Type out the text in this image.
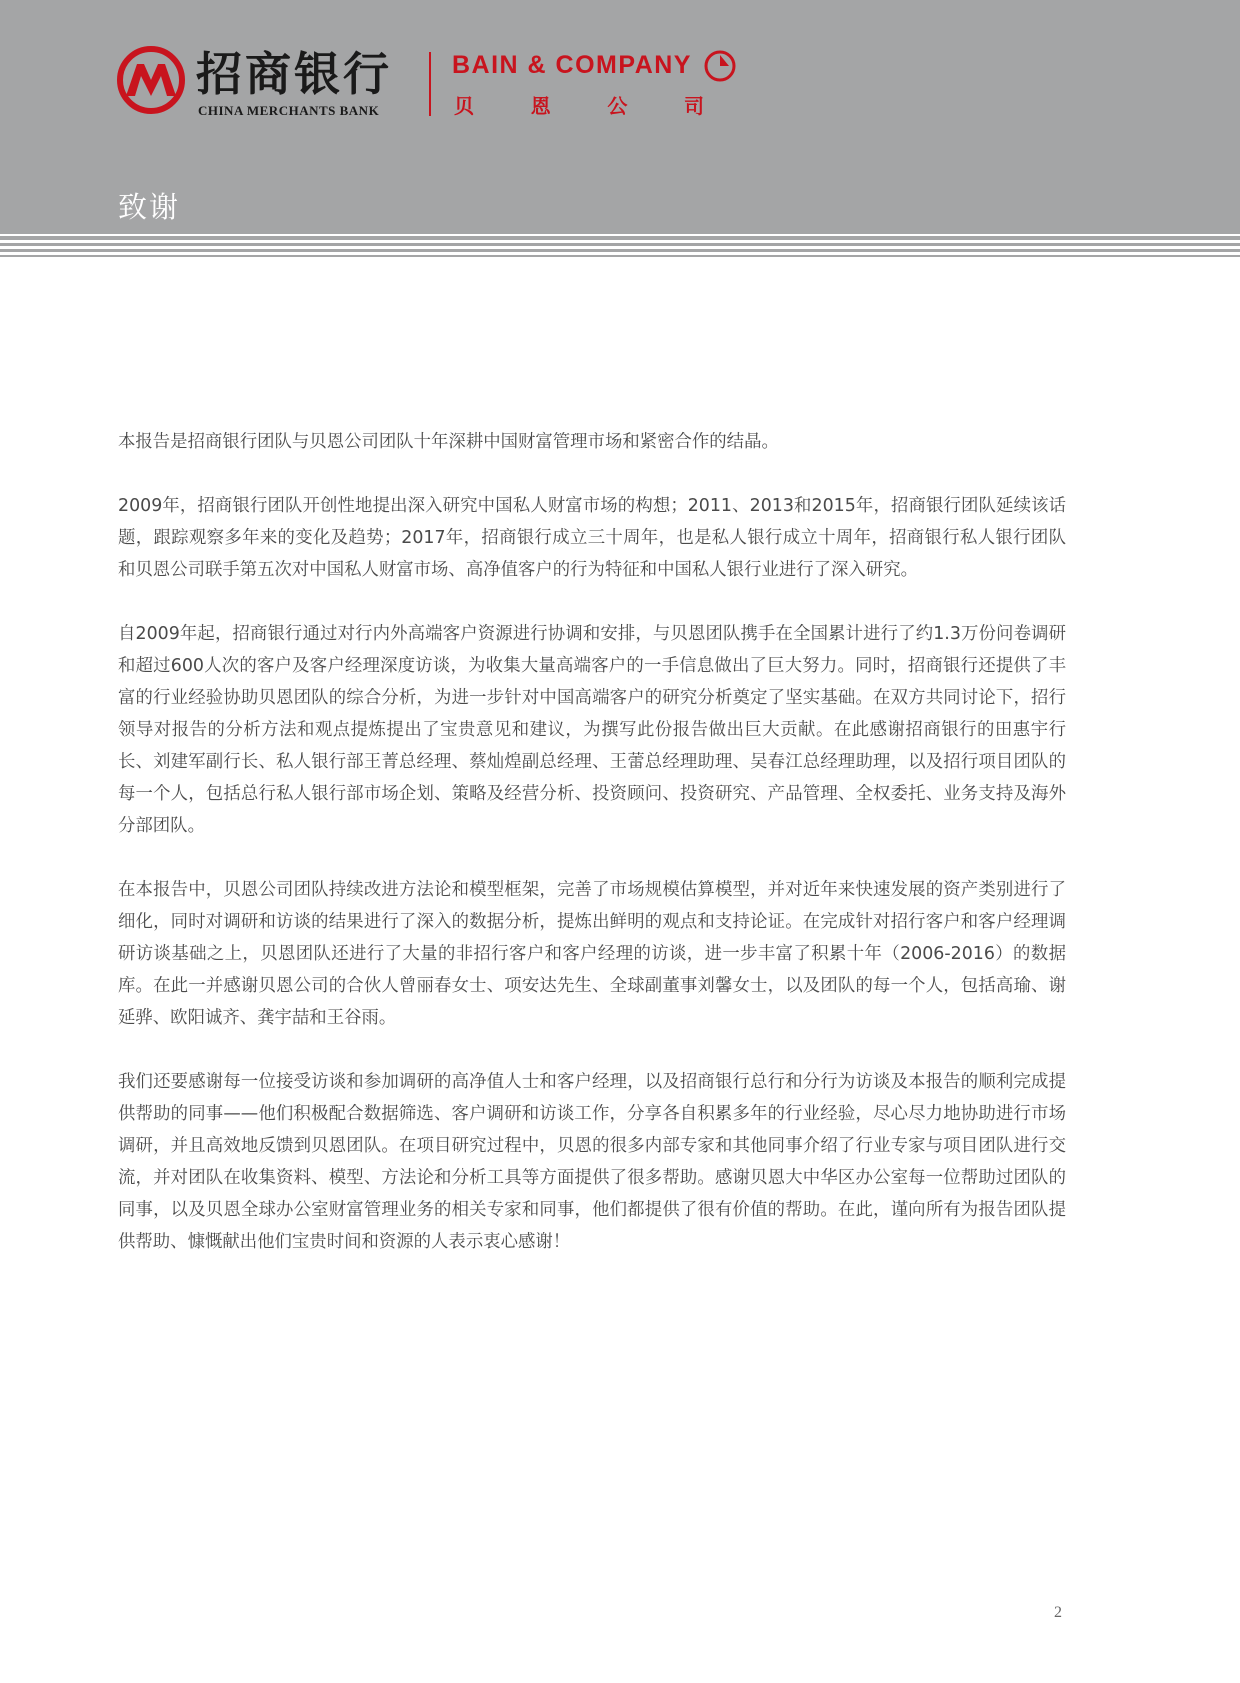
招商银行
CHINA MERCHANTS BANK
BAIN & COMPANY
贝	恩	公	司
致谢

本报告是招商银行团队与贝恩公司团队十年深耕中国财富管理市场和紧密合作的结晶。

2009年，招商银行团队开创性地提出深入研究中国私人财富市场的构想；2011、2013和2015年，招商银行团队延续该话题，跟踪观察多年来的变化及趋势；2017年，招商银行成立三十周年，也是私人银行成立十周年，招商银行私人银行团队和贝恩公司联手第五次对中国私人财富市场、高净值客户的行为特征和中国私人银行业进行了深入研究。

自2009年起，招商银行通过对行内外高端客户资源进行协调和安排，与贝恩团队携手在全国累计进行了约1.3万份问卷调研和超过600人次的客户及客户经理深度访谈，为收集大量高端客户的一手信息做出了巨大努力。同时，招商银行还提供了丰富的行业经验协助贝恩团队的综合分析，为进一步针对中国高端客户的研究分析奠定了坚实基础。在双方共同讨论下，招行领导对报告的分析方法和观点提炼提出了宝贵意见和建议，为撰写此份报告做出巨大贡献。在此感谢招商银行的田惠宇行长、刘建军副行长、私人银行部王菁总经理、蔡灿煌副总经理、王蕾总经理助理、吴春江总经理助理，以及招行项目团队的每一个人，包括总行私人银行部市场企划、策略及经营分析、投资顾问、投资研究、产品管理、全权委托、业务支持及海外分部团队。

在本报告中，贝恩公司团队持续改进方法论和模型框架，完善了市场规模估算模型，并对近年来快速发展的资产类别进行了细化，同时对调研和访谈的结果进行了深入的数据分析，提炼出鲜明的观点和支持论证。在完成针对招行客户和客户经理调研访谈基础之上，贝恩团队还进行了大量的非招行客户和客户经理的访谈，进一步丰富了积累十年（2006-2016）的数据库。在此一并感谢贝恩公司的合伙人曾丽春女士、项安达先生、全球副董事刘馨女士，以及团队的每一个人，包括高瑜、谢延骅、欧阳诚齐、龚宇喆和王谷雨。

我们还要感谢每一位接受访谈和参加调研的高净值人士和客户经理，以及招商银行总行和分行为访谈及本报告的顺利完成提供帮助的同事——他们积极配合数据筛选、客户调研和访谈工作，分享各自积累多年的行业经验，尽心尽力地协助进行市场调研，并且高效地反馈到贝恩团队。在项目研究过程中，贝恩的很多内部专家和其他同事介绍了行业专家与项目团队进行交流，并对团队在收集资料、模型、方法论和分析工具等方面提供了很多帮助。感谢贝恩大中华区办公室每一位帮助过团队的同事，以及贝恩全球办公室财富管理业务的相关专家和同事，他们都提供了很有价值的帮助。在此，谨向所有为报告团队提供帮助、慷慨献出他们宝贵时间和资源的人表示衷心感谢！

2
